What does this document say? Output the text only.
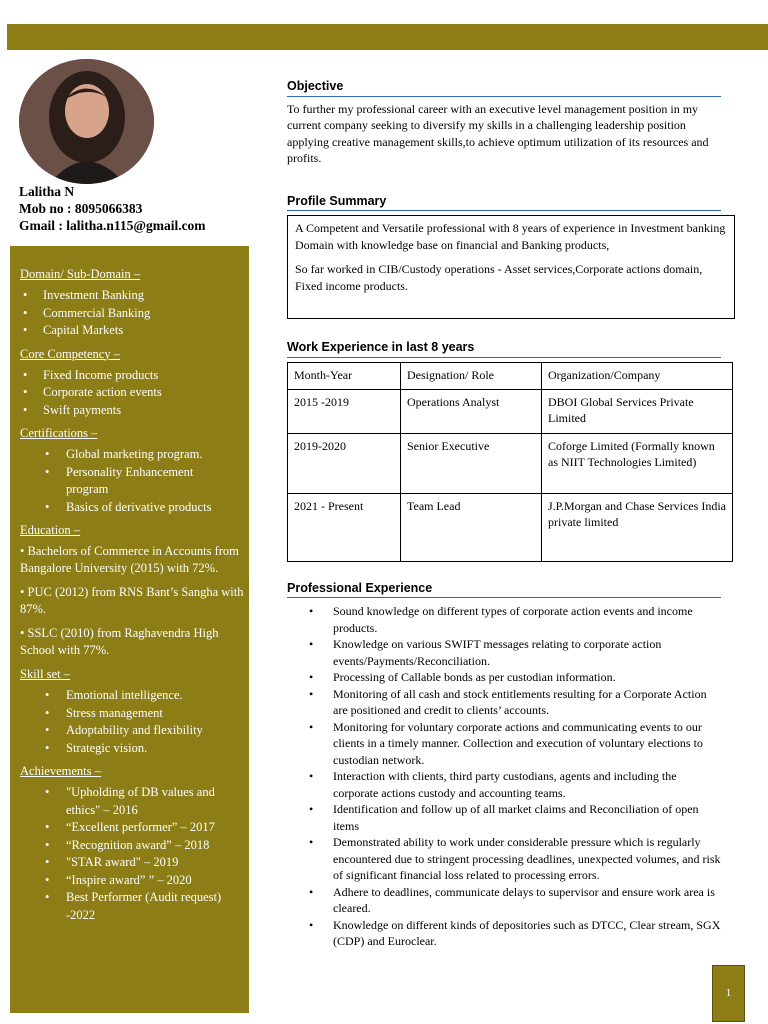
Lalitha N
Mob no : 8095066383
Gmail : lalitha.n115@gmail.com
Domain/ Sub-Domain –
• Investment Banking
• Commercial Banking
• Capital Markets
Core Competency –
• Fixed Income products
• Corporate action events
• Swift payments
Certifications –
• Global marketing program.
• Personality Enhancement program
• Basics of derivative products
Education –
• Bachelors of Commerce in Accounts from Bangalore University (2015) with 72%.
• PUC (2012) from RNS Bant’s Sangha with 87%.
• SSLC (2010) from Raghavendra High School with 77%.
Skill set –
• Emotional intelligence.
• Stress management
• Adoptability and flexibility
• Strategic vision.
Achievements –
• "Upholding of DB values and ethics" – 2016
• “Excellent performer” – 2017
• “Recognition award” – 2018
• "STAR award" – 2019
• “Inspire award” ” – 2020
• Best Performer (Audit request) -2022
Objective
To further my professional career with an executive level management position in my current company seeking to diversify my skills in a challenging leadership position applying creative management skills,to achieve optimum utilization of its resources and profits.
Profile Summary

A Competent and Versatile professional with 8 years of experience in Investment banking Domain with knowledge base on financial and Banking products,

So far worked in CIB/Custody operations - Asset services,Corporate actions domain, Fixed income products.

Work Experience in last 8 years
Month-Year	Designation/ Role	Organization/Company
2015 -2019	Operations Analyst	DBOI Global Services Private Limited
2019-2020	Senior Executive	Coforge Limited (Formally known as NIIT Technologies Limited)
2021 - Present	Team Lead	J.P.Morgan and Chase Services India private limited
Professional Experience
• Sound knowledge on different types of corporate action events and income products.
• Knowledge on various SWIFT messages relating to corporate action events/Payments/Reconciliation.
• Processing of Callable bonds as per custodian information.
• Monitoring of all cash and stock entitlements resulting for a Corporate Action are positioned and credit to clients’ accounts.
• Monitoring for voluntary corporate actions and communicating events to our clients in a timely manner. Collection and execution of voluntary elections to custodian network.
• Interaction with clients, third party custodians, agents and including the corporate actions custody and accounting teams.
• Identification and follow up of all market claims and Reconciliation of open items
• Demonstrated ability to work under considerable pressure which is regularly encountered due to stringent processing deadlines, unexpected volumes, and risk of significant financial loss related to processing errors.
• Adhere to deadlines, communicate delays to supervisor and ensure work area is cleared.
• Knowledge on different kinds of depositories such as DTCC, Clear stream, SGX (CDP) and Euroclear.
1
